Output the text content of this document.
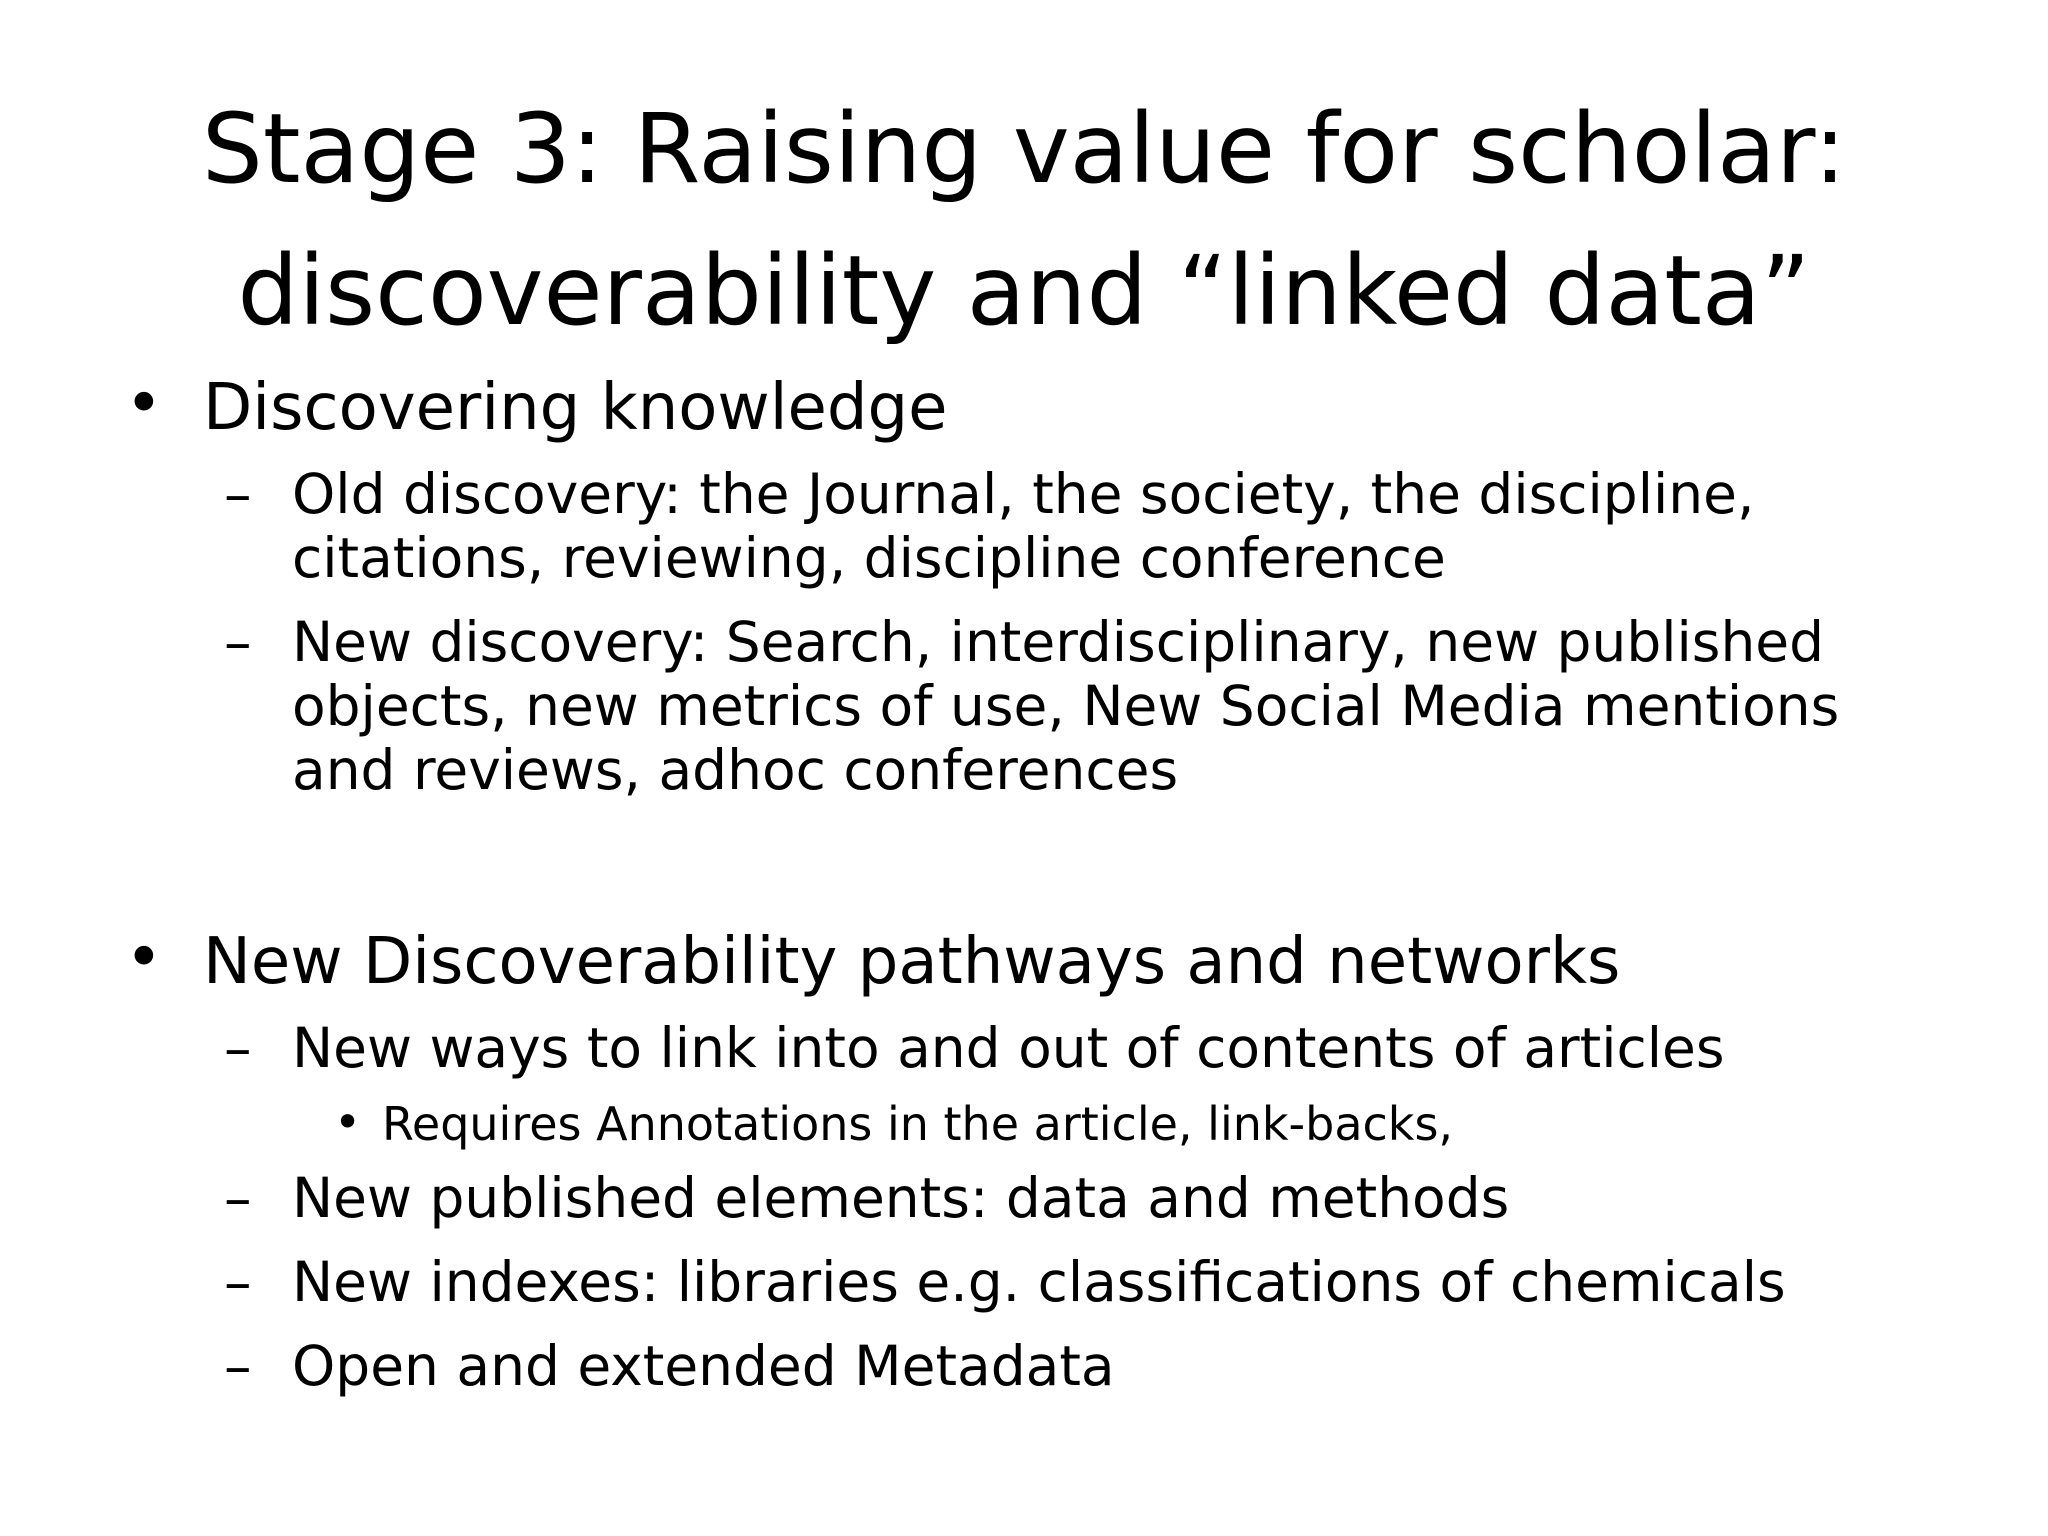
Stage 3: Raising value for scholar:
discoverability and “linked data”
• Discovering knowledge
– Old discovery: the Journal, the society, the discipline,
citations, reviewing, discipline conference
– New discovery: Search, interdisciplinary, new published
objects, new metrics of use, New Social Media mentions
and reviews, adhoc conferences
• New Discoverability pathways and networks
– New ways to link into and out of contents of articles
• Requires Annotations in the article, link-backs,
– New published elements: data and methods
– New indexes: libraries e.g. classifications of chemicals
– Open and extended Metadata
